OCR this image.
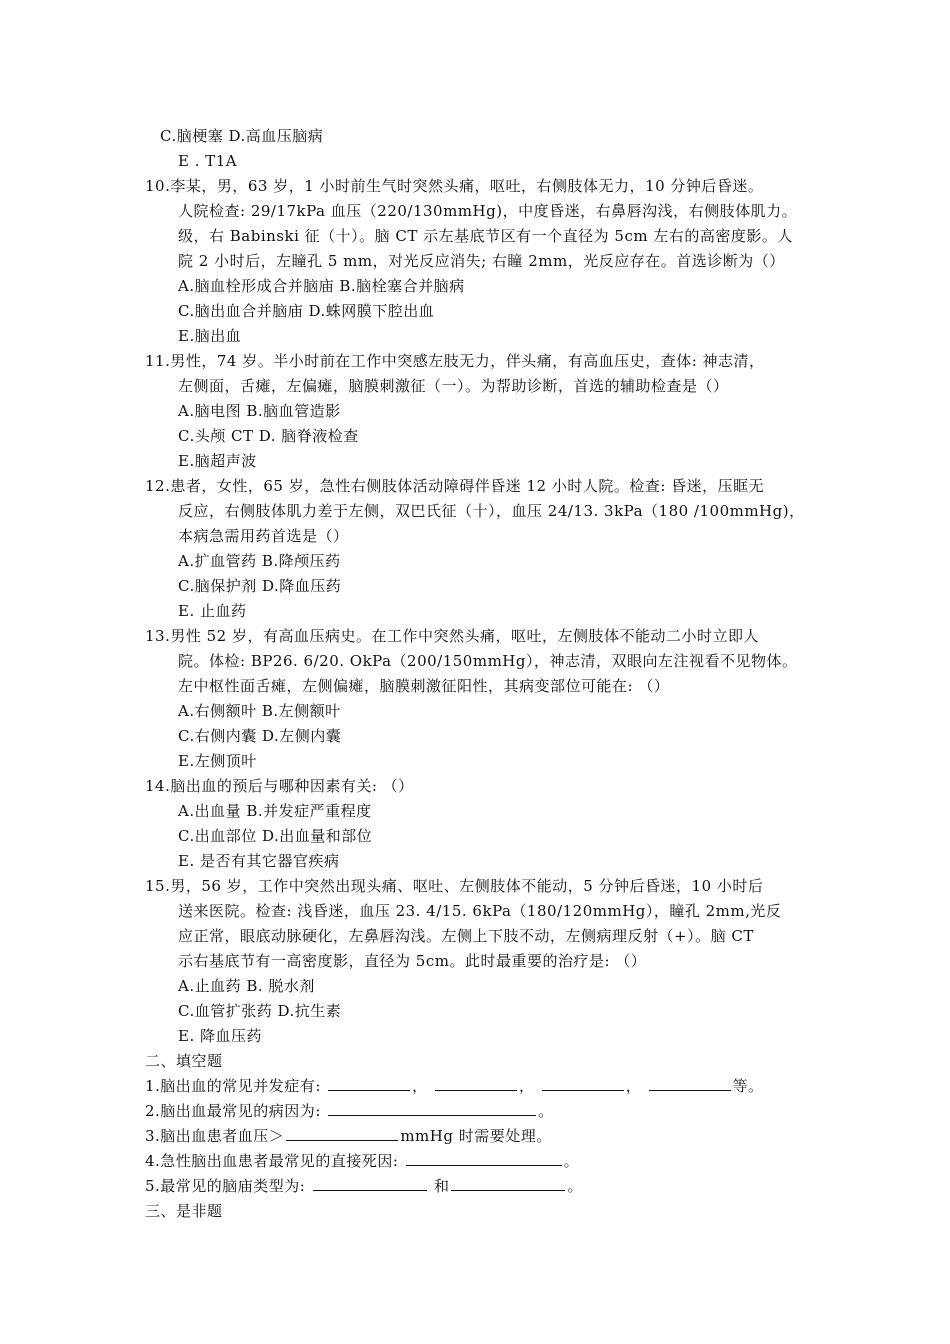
C.脑梗塞 D.高血压脑病
E . T1A
10.李某，男，63 岁，1 小时前生气时突然头痛，呕吐，右侧肢体无力，10 分钟后昏迷。
人院检查: 29/17kPa 血压（220/130mmHg)，中度昏迷，右鼻唇沟浅，右侧肢体肌力。
级，右 Babinski 征（十）。脑 CT 示左基底节区有一个直径为 5cm 左右的高密度影。人
院 2 小时后，左瞳孔 5 mm，对光反应消失; 右瞳 2mm，光反应存在。首选诊断为（）
A.脑血栓形成合并脑庙 B.脑栓塞合并脑病
C.脑出血合并脑庙 D.蛛网膜下腔出血
E.脑出血
11.男性，74 岁。半小时前在工作中突感左肢无力，伴头痛，有高血压史，查体: 神志清，
左侧面，舌瘫，左偏瘫，脑膜刺激征（一）。为帮助诊断，首选的辅助检查是（）
A.脑电图 B.脑血管造影
C.头颅 CT D. 脑脊液检查
E.脑超声波
12.患者，女性，65 岁，急性右侧肢体活动障碍伴昏迷 12 小时人院。检查: 昏迷，压眶无
反应，右侧肢体肌力差于左侧，双巴氏征（十），血压 24/13. 3kPa（180 /100mmHg)，
本病急需用药首选是（）
A.扩血管药 B.降颅压药
C.脑保护剂 D.降血压药
E. 止血药
13.男性 52 岁，有高血压病史。在工作中突然头痛，呕吐，左侧肢体不能动二小时立即人
院。体检: BP26. 6/20. OkPa（200/150mmHg），神志清，双眼向左注视看不见物体。
左中枢性面舌瘫，左侧偏瘫，脑膜刺激征阳性，其病变部位可能在: （）
A.右侧额叶 B.左侧额叶
C.右侧内囊 D.左侧内囊
E.左侧顶叶
14.脑出血的预后与哪种因素有关: （）
A.出血量 B.并发症严重程度
C.出血部位 D.出血量和部位
E. 是否有其它器官疾病
15.男，56 岁，工作中突然出现头痛、呕吐、左侧肢体不能动，5 分钟后昏迷，10 小时后
送来医院。检查: 浅昏迷，血压 23. 4/15. 6kPa（180/120mmHg），瞳孔 2mm,光反
应正常，眼底动脉硬化，左鼻唇沟浅。左侧上下肢不动，左侧病理反射（+）。脑 CT
示右基底节有一高密度影，直径为 5cm。此时最重要的治疗是: （）
A.止血药 B. 脱水剂
C.血管扩张药 D.抗生素
E. 降血压药
二、填空题
1.脑出血的常见并发症有:	，	，	，	等。
2.脑出血最常见的病因为:	。
3.脑出血患者血压＞	mmHg 时需要处理。
4.急性脑出血患者最常见的直接死因:	。
5.最常见的脑庙类型为:	和	。
三、是非题
